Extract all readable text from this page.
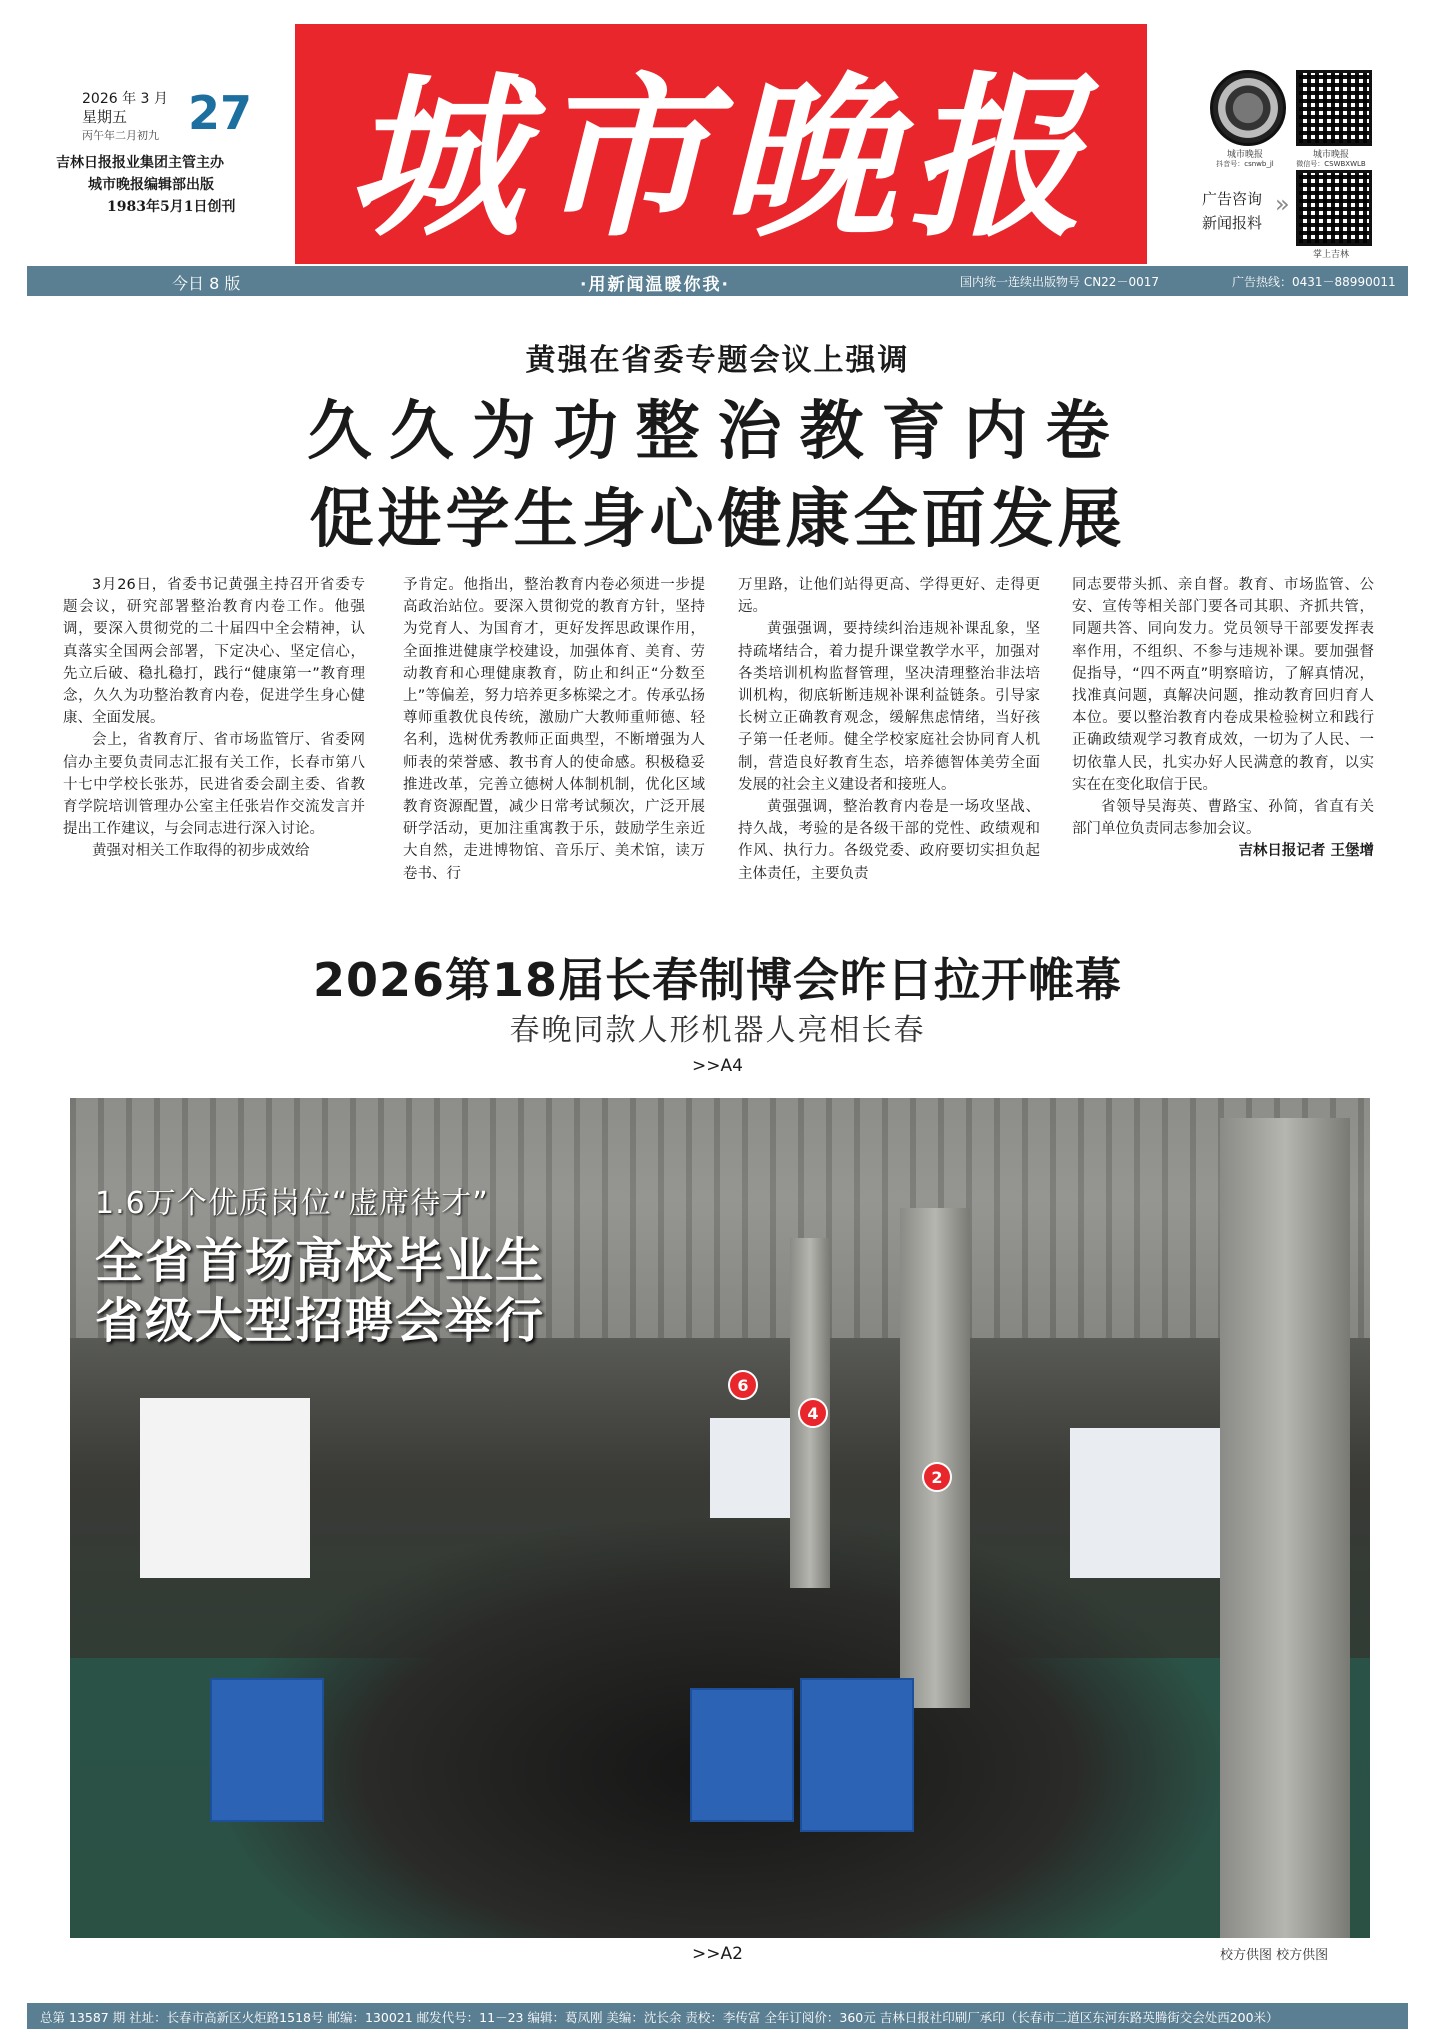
2026 年 3 月
星期五
丙午年二月初九 27
吉林日报报业集团主管主办
城市晚报编辑部出版
1983年5月1日创刊 城市晚报	城市晚报
抖音号：csnwb_jl
城市晚报
微信号：CSWBXWLB
掌上吉林
广告咨询
新闻报料
»
今日 8 版	·用新闻温暖你我·	国内统一连续出版物号 CN22－0017	广告热线：0431－88990011
黄强在省委专题会议上强调
久久为功整治教育内卷
促进学生身心健康全面发展

3月26日，省委书记黄强主持召开省委专题会议，研究部署整治教育内卷工作。他强调，要深入贯彻党的二十届四中全会精神，认真落实全国两会部署，下定决心、坚定信心，先立后破、稳扎稳打，践行“健康第一”教育理念，久久为功整治教育内卷，促进学生身心健康、全面发展。

会上，省教育厅、省市场监管厅、省委网信办主要负责同志汇报有关工作，长春市第八十七中学校长张苏，民进省委会副主委、省教育学院培训管理办公室主任张岩作交流发言并提出工作建议，与会同志进行深入讨论。

黄强对相关工作取得的初步成效给

予肯定。他指出，整治教育内卷必须进一步提高政治站位。要深入贯彻党的教育方针，坚持为党育人、为国育才，更好发挥思政课作用，全面推进健康学校建设，加强体育、美育、劳动教育和心理健康教育，防止和纠正“分数至上”等偏差，努力培养更多栋梁之才。传承弘扬尊师重教优良传统，激励广大教师重师德、轻名利，选树优秀教师正面典型，不断增强为人师表的荣誉感、教书育人的使命感。积极稳妥推进改革，完善立德树人体制机制，优化区域教育资源配置，减少日常考试频次，广泛开展研学活动，更加注重寓教于乐，鼓励学生亲近大自然，走进博物馆、音乐厅、美术馆，读万卷书、行

万里路，让他们站得更高、学得更好、走得更远。

黄强强调，要持续纠治违规补课乱象，坚持疏堵结合，着力提升课堂教学水平，加强对各类培训机构监督管理，坚决清理整治非法培训机构，彻底斩断违规补课利益链条。引导家长树立正确教育观念，缓解焦虑情绪，当好孩子第一任老师。健全学校家庭社会协同育人机制，营造良好教育生态，培养德智体美劳全面发展的社会主义建设者和接班人。

黄强强调，整治教育内卷是一场攻坚战、持久战，考验的是各级干部的党性、政绩观和作风、执行力。各级党委、政府要切实担负起主体责任，主要负责

同志要带头抓、亲自督。教育、市场监管、公安、宣传等相关部门要各司其职、齐抓共管，同题共答、同向发力。党员领导干部要发挥表率作用，不组织、不参与违规补课。要加强督促指导，“四不两直”明察暗访，了解真情况，找准真问题，真解决问题，推动教育回归育人本位。要以整治教育内卷成果检验树立和践行正确政绩观学习教育成效，一切为了人民、一切依靠人民，扎实办好人民满意的教育，以实实在在变化取信于民。

省领导吴海英、曹路宝、孙简，省直有关部门单位负责同志参加会议。

吉林日报记者 王堡增

2026第18届长春制博会昨日拉开帷幕
春晚同款人形机器人亮相长春
>>A4
2
4
6
1.6万个优质岗位“虚席待才”
全省首场高校毕业生
省级大型招聘会举行
>>A2	校方供图 校方供图
总第 13587 期 社址：长春市高新区火炬路1518号 邮编：130021 邮发代号：11－23 编辑：葛凤刚 美编：沈长余 责校：李传富 全年订阅价：360元 吉林日报社印刷厂承印（长春市二道区东河东路英腾街交会处西200米）
